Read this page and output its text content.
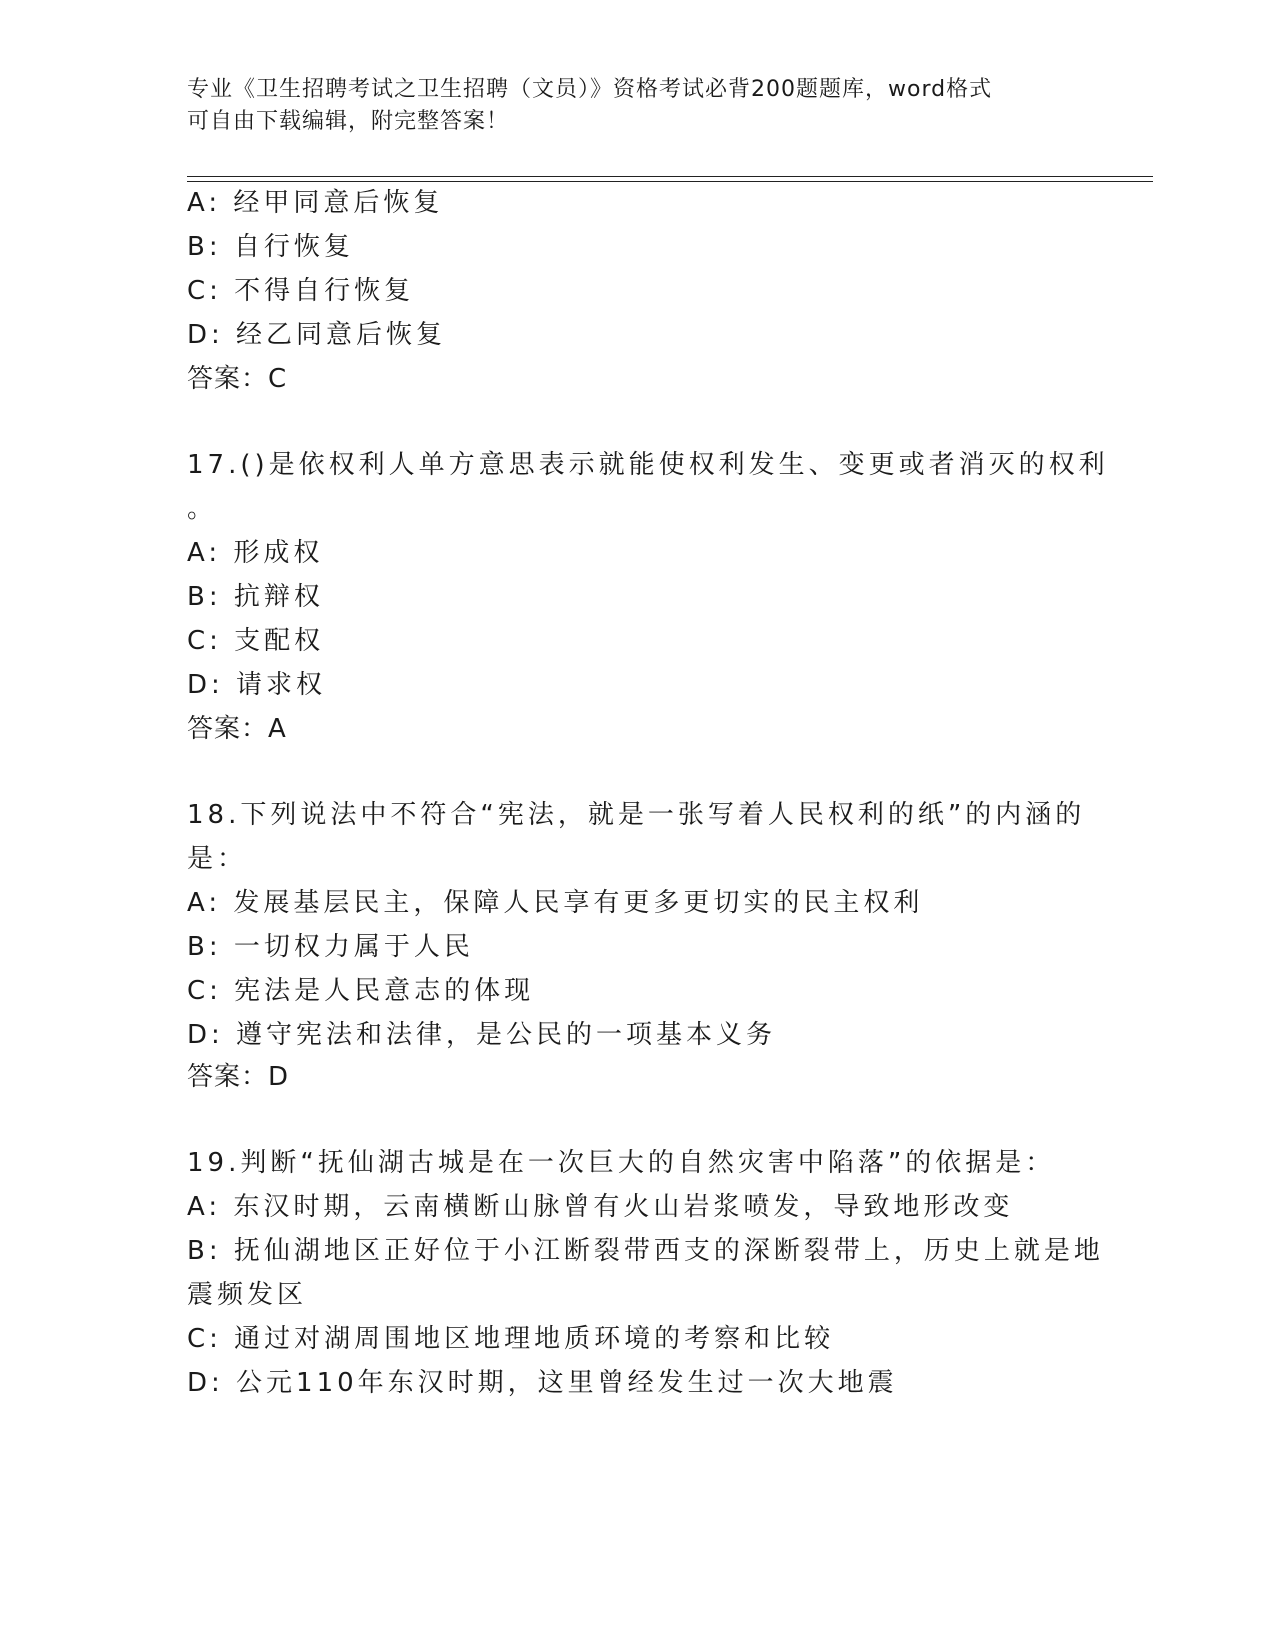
专业《卫生招聘考试之卫生招聘（文员）》资格考试必背200题题库，word格式
可自由下载编辑，附完整答案！
A: 经甲同意后恢复
B: 自行恢复
C: 不得自行恢复
D: 经乙同意后恢复
答案：C
17.()是依权利人单方意思表示就能使权利发生、变更或者消灭的权利
。
A: 形成权
B: 抗辩权
C: 支配权
D: 请求权
答案：A
18.下列说法中不符合“宪法，就是一张写着人民权利的纸”的内涵的
是：
A: 发展基层民主，保障人民享有更多更切实的民主权利
B: 一切权力属于人民
C: 宪法是人民意志的体现
D: 遵守宪法和法律，是公民的一项基本义务
答案：D
19.判断“抚仙湖古城是在一次巨大的自然灾害中陷落”的依据是：
A: 东汉时期，云南横断山脉曾有火山岩浆喷发，导致地形改变
B: 抚仙湖地区正好位于小江断裂带西支的深断裂带上，历史上就是地
震频发区
C: 通过对湖周围地区地理地质环境的考察和比较
D: 公元110年东汉时期，这里曾经发生过一次大地震
